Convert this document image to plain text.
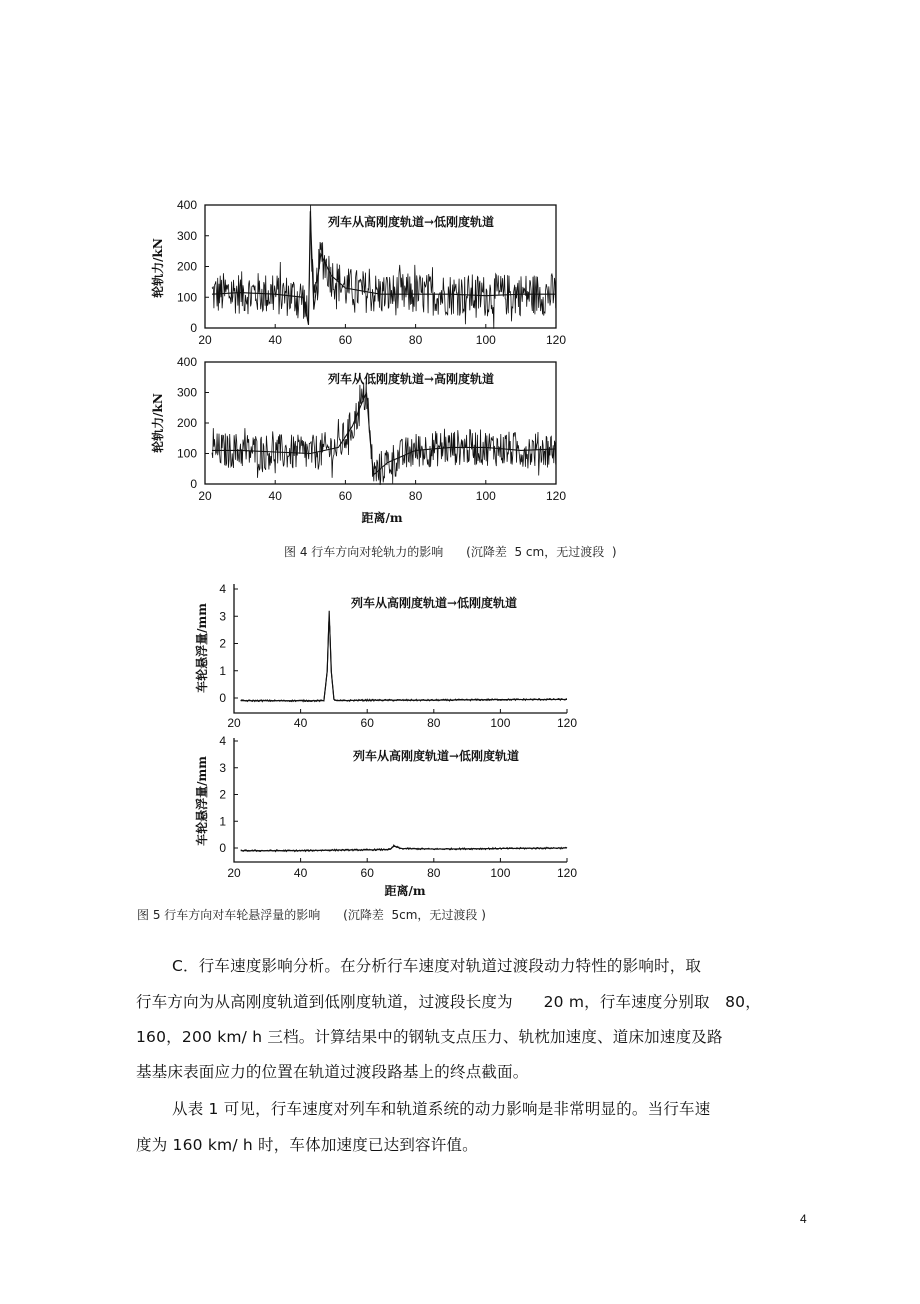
20	40	60	80	100	120
0
100
200
300
400
列车从高刚度轨道→低刚度轨道
轮轨力/kN
20	40	60	80	100	120
0
100
200
300
400
列车从低刚度轨道→高刚度轨道
轮轨力/kN
距离/m
20	40	60	80	100	120
0
1
2
3
4
列车从高刚度轨道→低刚度轨道
车轮悬浮量/mm
20	40	60	80	100	120
0
1
2
3
4
列车从高刚度轨道→低刚度轨道
车轮悬浮量/mm
距离/m
图 4 行车方向对轮轨力的影响      (沉降差  5 cm，无过渡段  )
图 5 行车方向对车轮悬浮量的影响      (沉降差  5cm，无过渡段 )
C．行车速度影响分析。在分析行车速度对轨道过渡段动力特性的影响时，取
行车方向为从高刚度轨道到低刚度轨道，过渡段长度为      20 m，行车速度分别取   80，
160，200 km/ h 三档。计算结果中的钢轨支点压力、轨枕加速度、道床加速度及路
基基床表面应力的位置在轨道过渡段路基上的终点截面。
从表 1 可见，行车速度对列车和轨道系统的动力影响是非常明显的。当行车速
度为 160 km/ h 时，车体加速度已达到容许值。
4
